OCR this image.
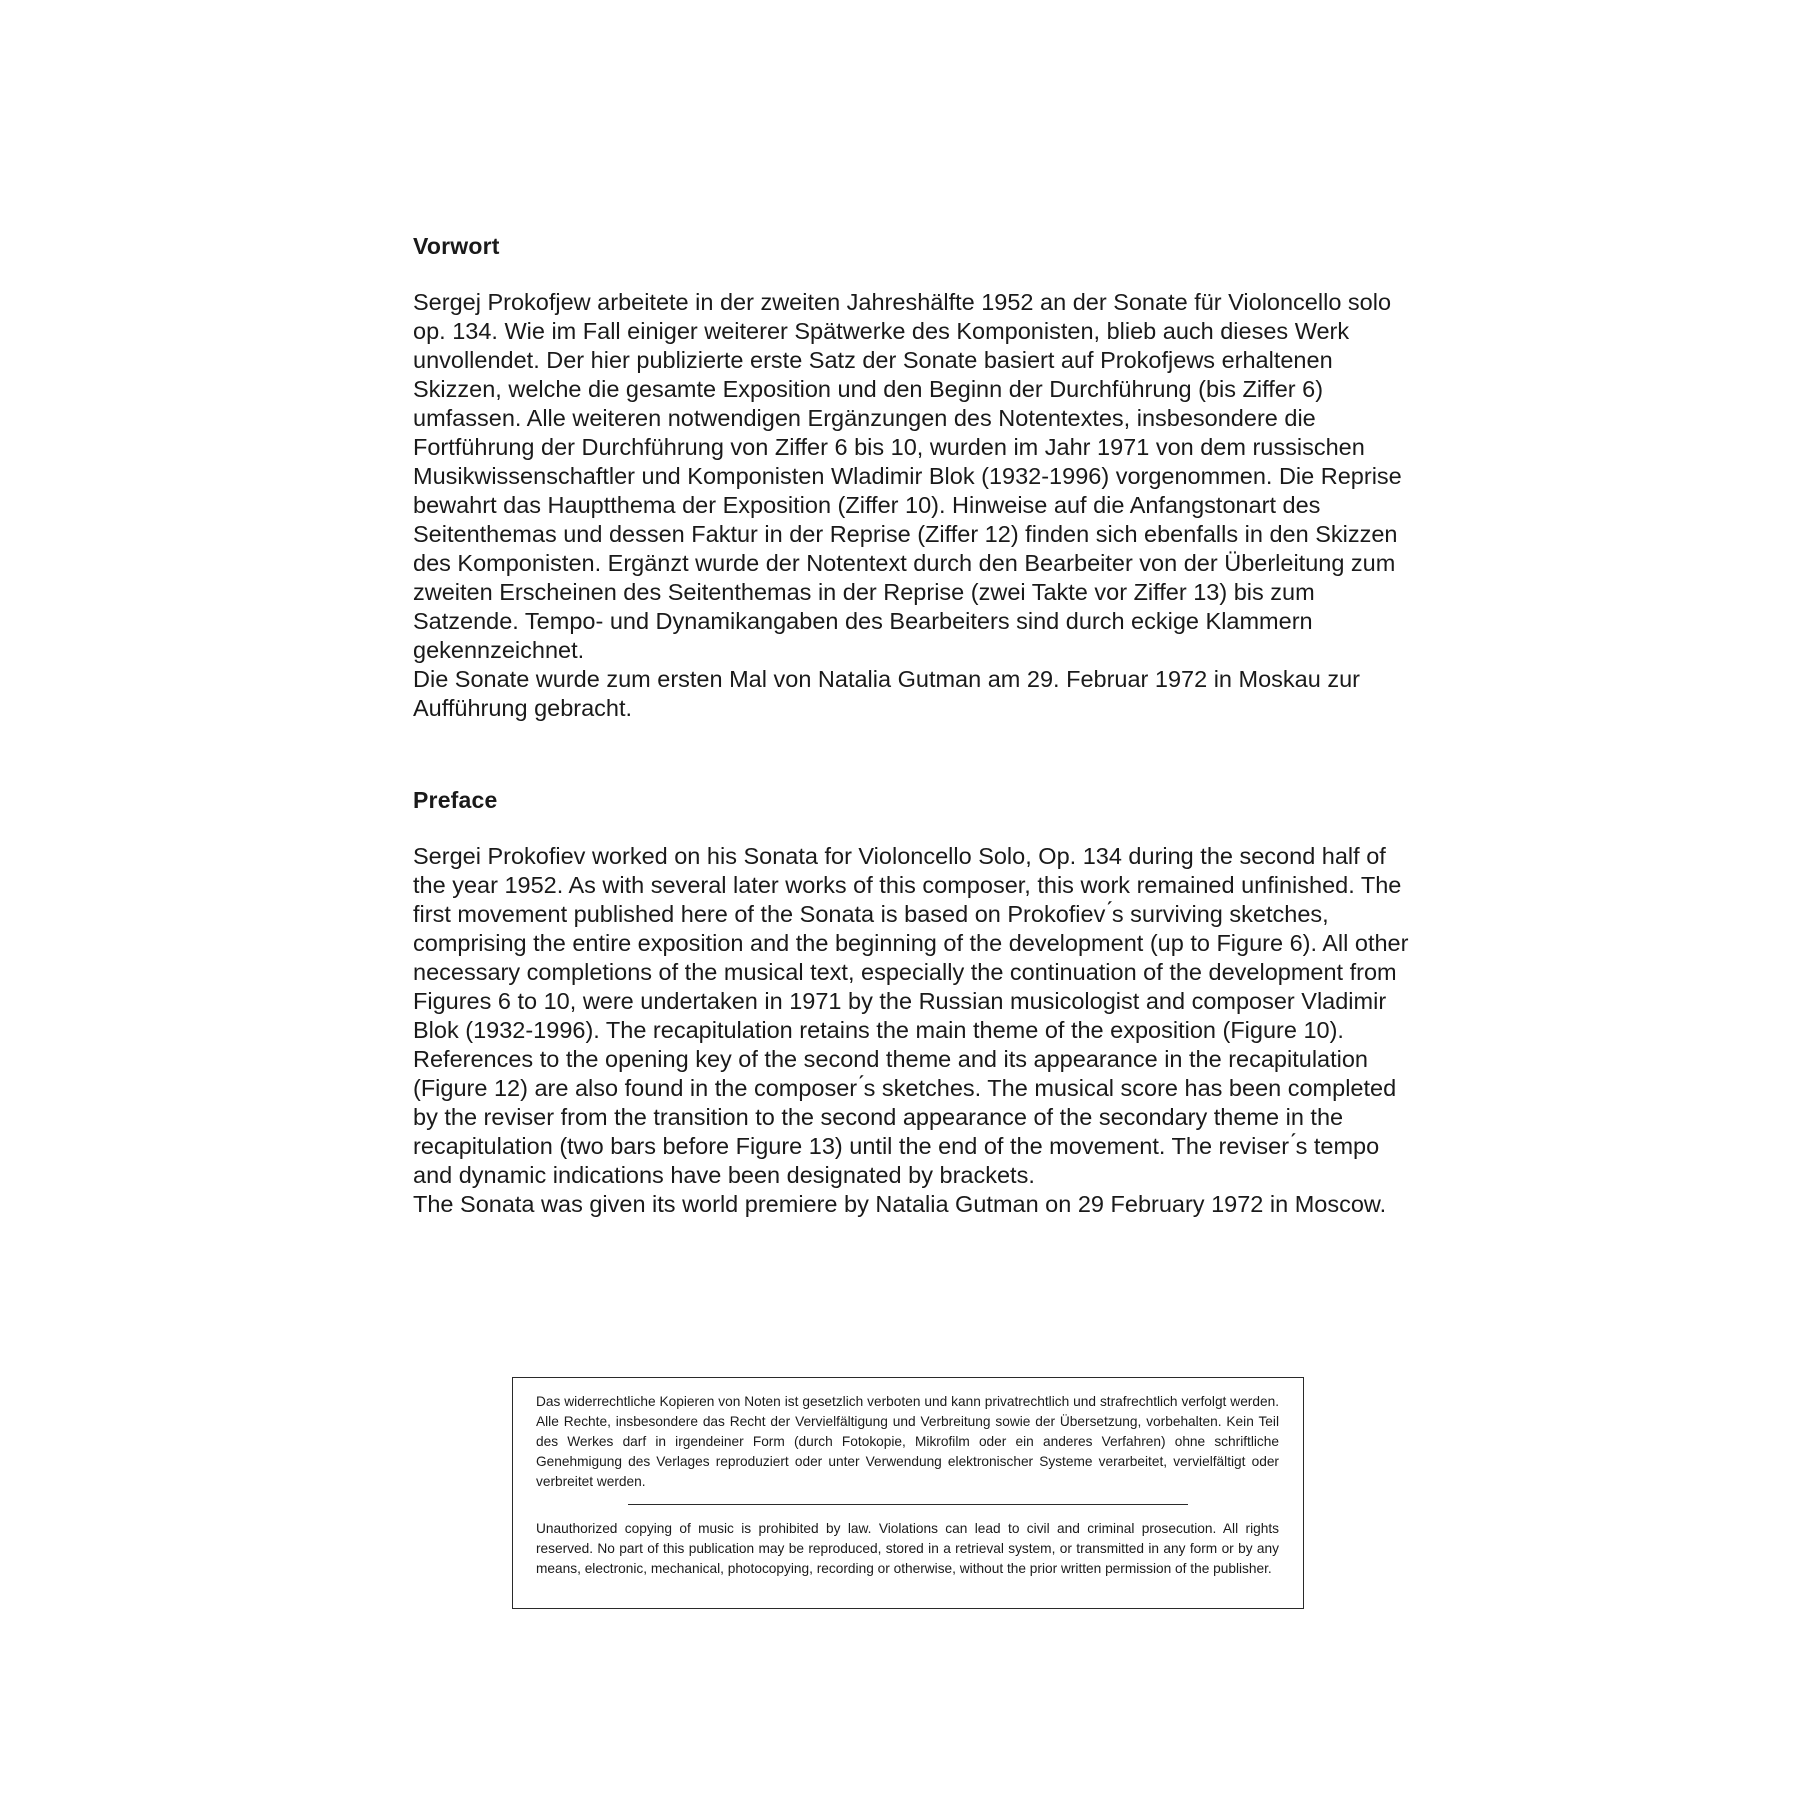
Vorwort

Sergej Prokofjew arbeitete in der zweiten Jahreshälfte 1952 an der Sonate für Violoncello solo op. 134. Wie im Fall einiger weiterer Spätwerke des Komponisten, blieb auch dieses Werk unvollendet. Der hier publizierte erste Satz der Sonate basiert auf Prokofjews erhaltenen Skizzen, welche die gesamte Exposition und den Beginn der Durchführung (bis Ziffer 6) umfassen. Alle weiteren notwendigen Ergänzungen des Notentextes, insbesondere die Fortführung der Durchführung von Ziffer 6 bis 10, wurden im Jahr 1971 von dem russischen Musikwissenschaftler und Komponisten Wladimir Blok (1932-1996) vorgenommen. Die Reprise bewahrt das Hauptthema der Exposition (Ziffer 10). Hinweise auf die Anfangstonart des Seitenthemas und dessen Faktur in der Reprise (Ziffer 12) finden sich ebenfalls in den Skizzen des Komponisten. Ergänzt wurde der Notentext durch den Bearbeiter von der Überleitung zum zweiten Erscheinen des Seitenthemas in der Reprise (zwei Takte vor Ziffer 13) bis zum Satzende. Tempo- und Dynamikangaben des Bearbeiters sind durch eckige Klammern gekennzeichnet.

Die Sonate wurde zum ersten Mal von Natalia Gutman am 29. Februar 1972 in Moskau zur Aufführung gebracht.

Preface

Sergei Prokofiev worked on his Sonata for Violoncello Solo, Op. 134 during the second half of the year 1952. As with several later works of this composer, this work remained unfinished. The first movement published here of the Sonata is based on Prokofiev ́s surviving sketches, comprising the entire exposition and the beginning of the development (up to Figure 6). All other necessary completions of the musical text, especially the continuation of the development from Figures 6 to 10, were undertaken in 1971 by the Russian musicologist and composer Vladimir Blok (1932-1996). The recapitulation retains the main theme of the exposition (Figure 10). References to the opening key of the second theme and its appearance in the recapitulation (Figure 12) are also found in the composer ́s sketches. The musical score has been completed by the reviser from the transition to the second appearance of the secondary theme in the recapitulation (two bars before Figure 13) until the end of the movement. The reviser ́s tempo and dynamic indications have been designated by brackets.

The Sonata was given its world premiere by Natalia Gutman on 29 February 1972 in Moscow.

Das widerrechtliche Kopieren von Noten ist gesetzlich verboten und kann privatrechtlich und strafrechtlich verfolgt werden. Alle Rechte, insbesondere das Recht der Vervielfältigung und Verbreitung sowie der Übersetzung, vorbehalten. Kein Teil des Werkes darf in irgendeiner Form (durch Fotokopie, Mikrofilm oder ein anderes Verfahren) ohne schriftliche Genehmigung des Verlages reproduziert oder unter Verwendung elektronischer Systeme verarbeitet, vervielfältigt oder verbreitet werden.

Unauthorized copying of music is prohibited by law. Violations can lead to civil and criminal prosecution. All rights reserved. No part of this publication may be reproduced, stored in a retrieval system, or transmitted in any form or by any means, electronic, mechanical, photocopying, recording or otherwise, without the prior written permission of the publisher.
